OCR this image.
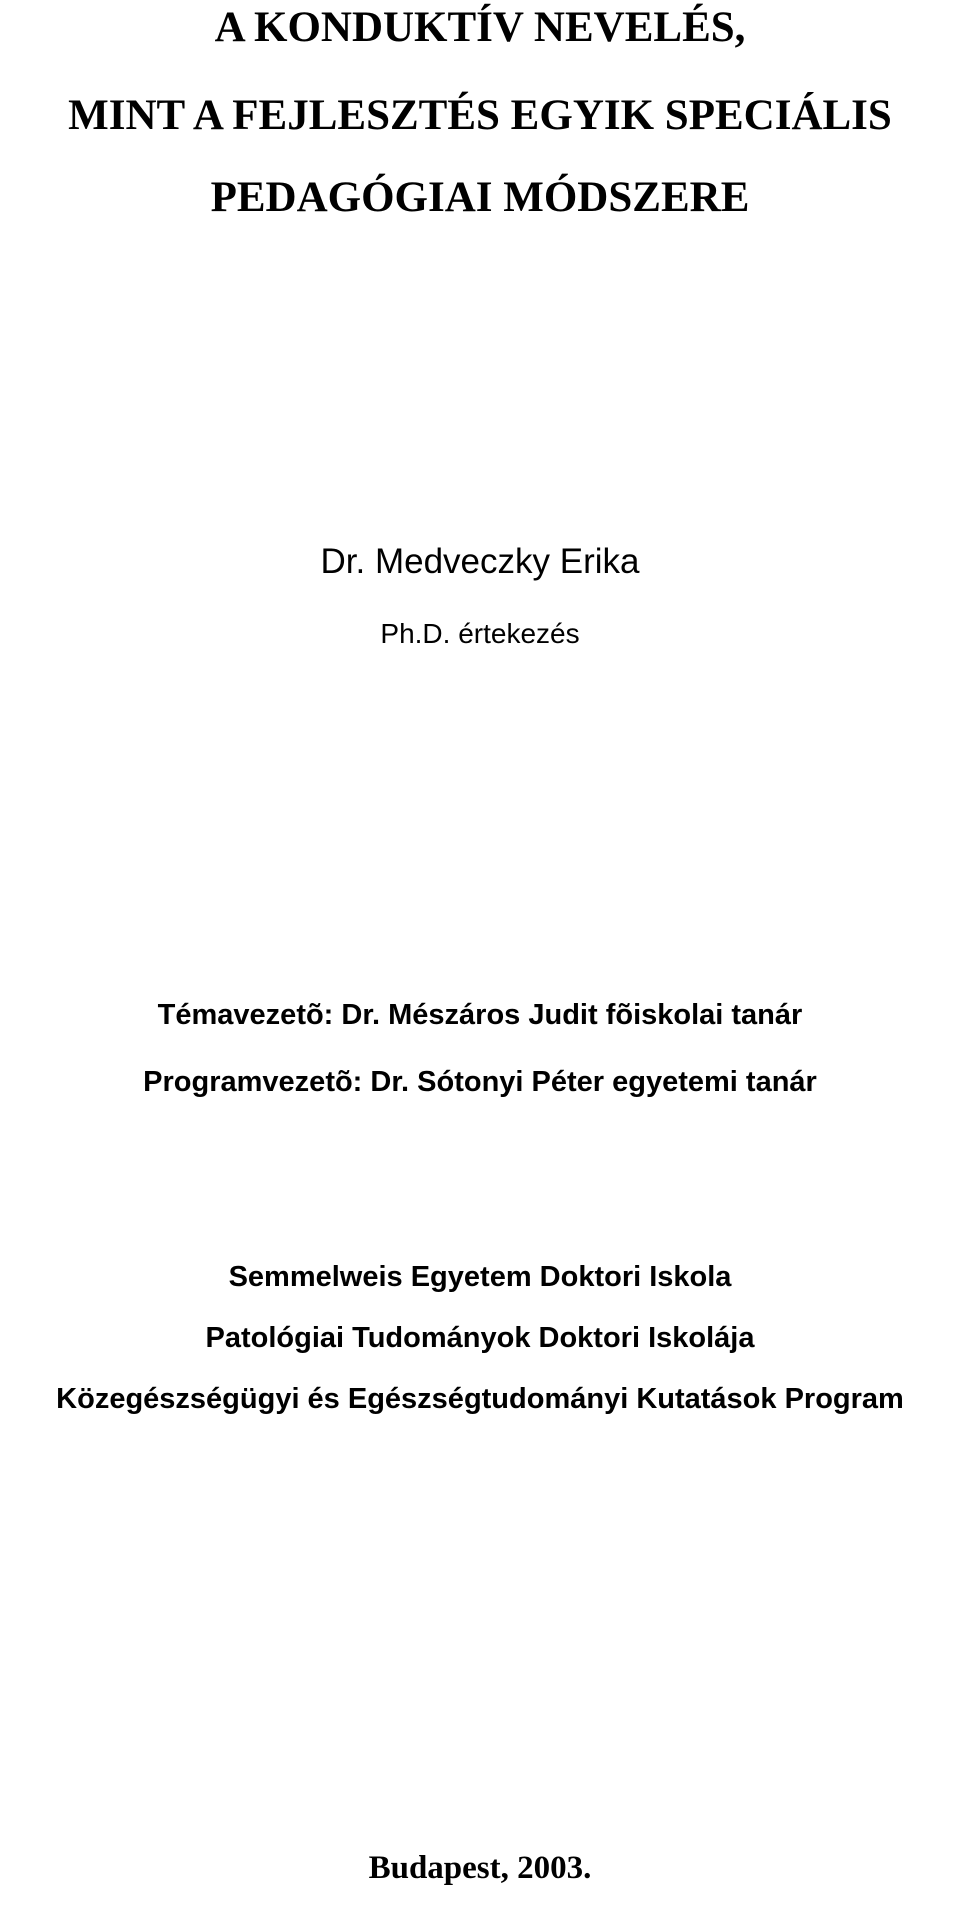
A KONDUKTÍV NEVELÉS,
MINT A FEJLESZTÉS EGYIK SPECIÁLIS
PEDAGÓGIAI MÓDSZERE
Dr. Medveczky Erika
Ph.D. értekezés
Témavezetõ: Dr. Mészáros Judit fõiskolai tanár
Programvezetõ: Dr. Sótonyi Péter egyetemi tanár
Semmelweis Egyetem Doktori Iskola
Patológiai Tudományok Doktori Iskolája
Közegészségügyi és Egészségtudományi Kutatások Program
Budapest, 2003.
